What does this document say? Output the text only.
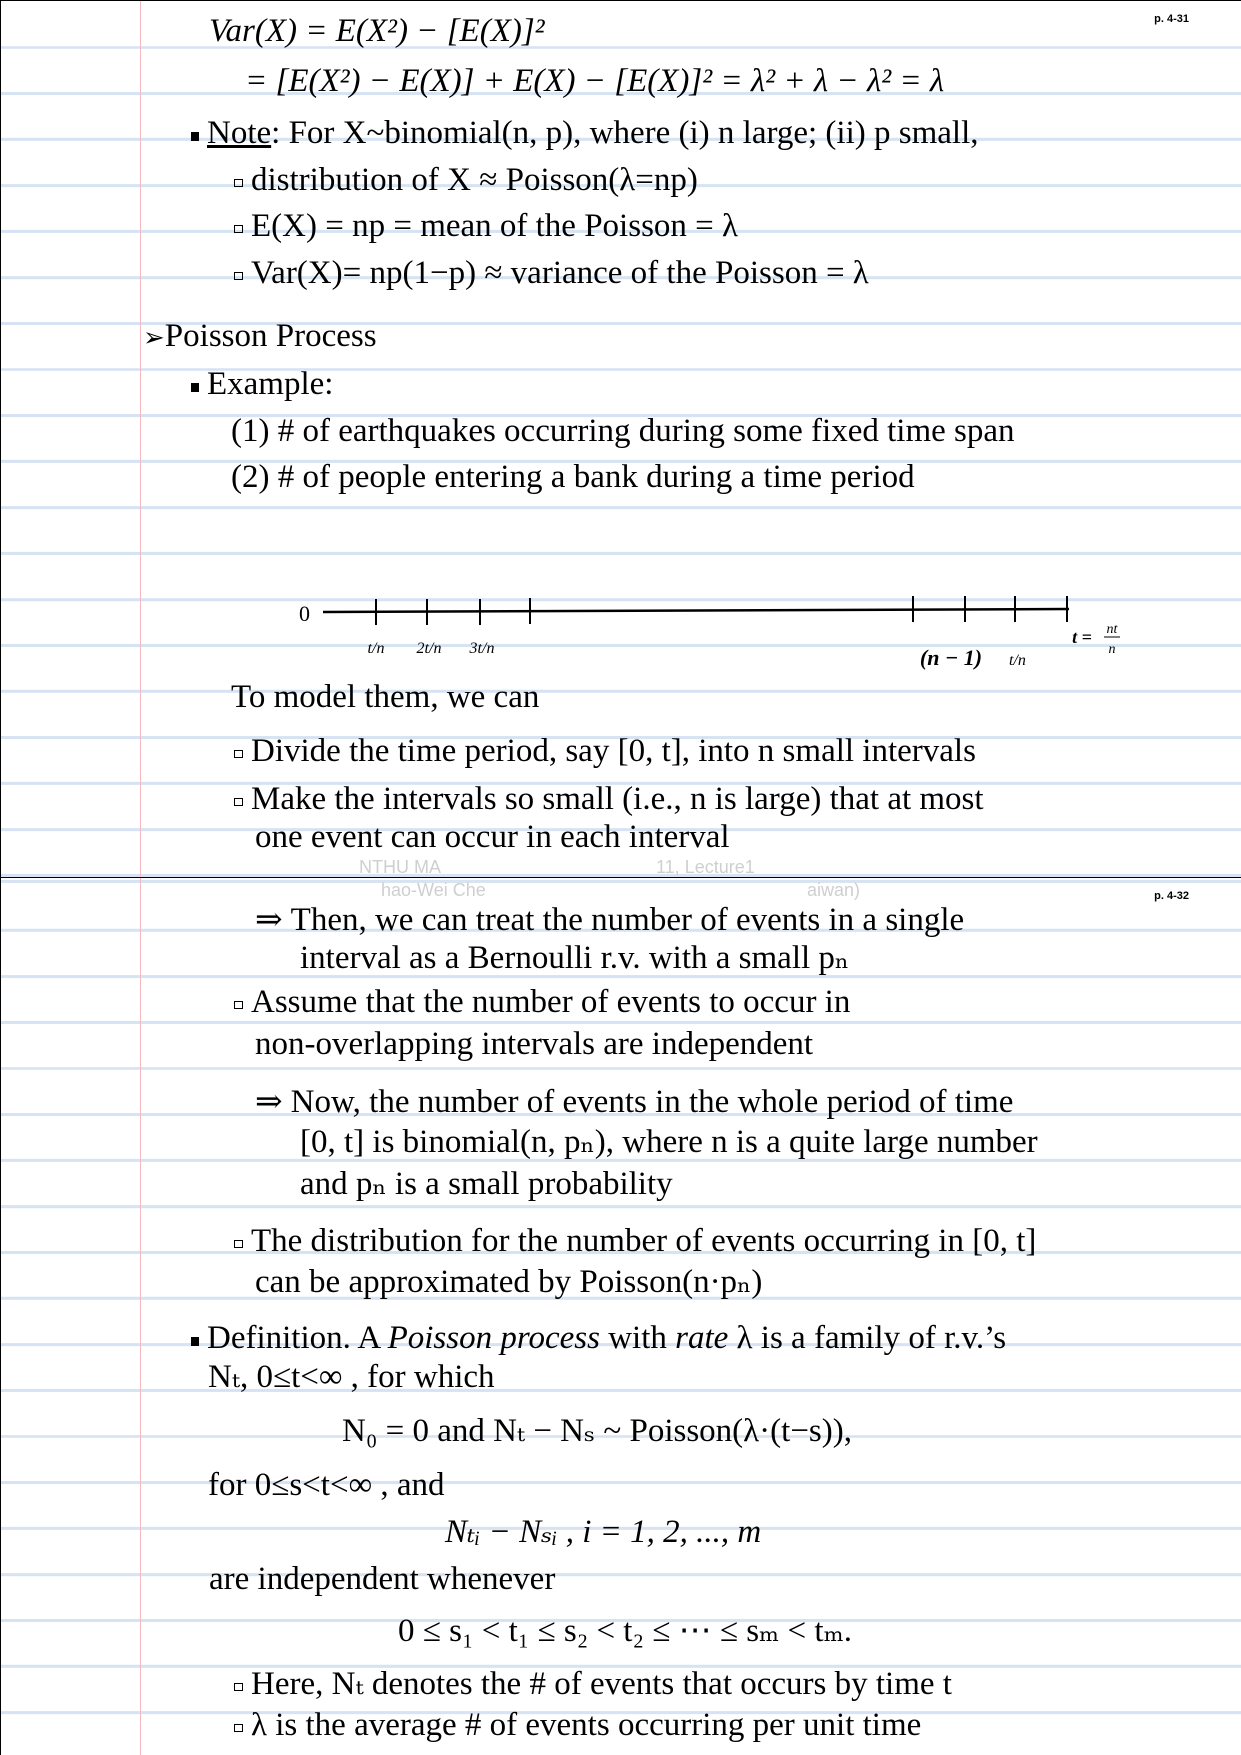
p. 4-31
Var(X) = E(X²) − [E(X)]²
= [E(X²) − E(X)] + E(X) − [E(X)]² = λ² + λ − λ² = λ
Note: For X~binomial(n, p), where (i) n large; (ii) p small,
distribution of X ≈ Poisson(λ=np)
E(X) = np = mean of the Poisson = λ
Var(X)= np(1−p) ≈ variance of the Poisson = λ
➢Poisson Process
Example:
(1) # of earthquakes occurring during some fixed time span
(2) # of people entering a bank during a time period
0
t/n 2t/n 3t/n	(n − 1) t/n
t = nt
n
To model them, we can
Divide the time period, say [0, t], into n small intervals
Make the intervals so small (i.e., n is large) that at most
one event can occur in each interval
NTHU MA	11, Lecture1
hao-Wei Che	aiwan)	p. 4-32
⇒ Then, we can treat the number of events in a single
interval as a Bernoulli r.v. with a small pₙ
Assume that the number of events to occur in
non-overlapping intervals are independent
⇒ Now, the number of events in the whole period of time
[0, t] is binomial(n, pₙ), where n is a quite large number
and pₙ is a small probability
The distribution for the number of events occurring in [0, t]
can be approximated by Poisson(n·pₙ)
Definition. A Poisson process with rate λ is a family of r.v.’s
Nₜ, 0≤t<∞ , for which
N₀ = 0 and Nₜ − Nₛ ~ Poisson(λ·(t−s)),
for 0≤s<t<∞ , and
Nₜᵢ − Nₛᵢ , i = 1, 2, ..., m
are independent whenever
0 ≤ s₁ < t₁ ≤ s₂ < t₂ ≤ ⋯ ≤ sₘ < tₘ.
Here, Nₜ denotes the # of events that occurs by time t
λ is the average # of events occurring per unit time
